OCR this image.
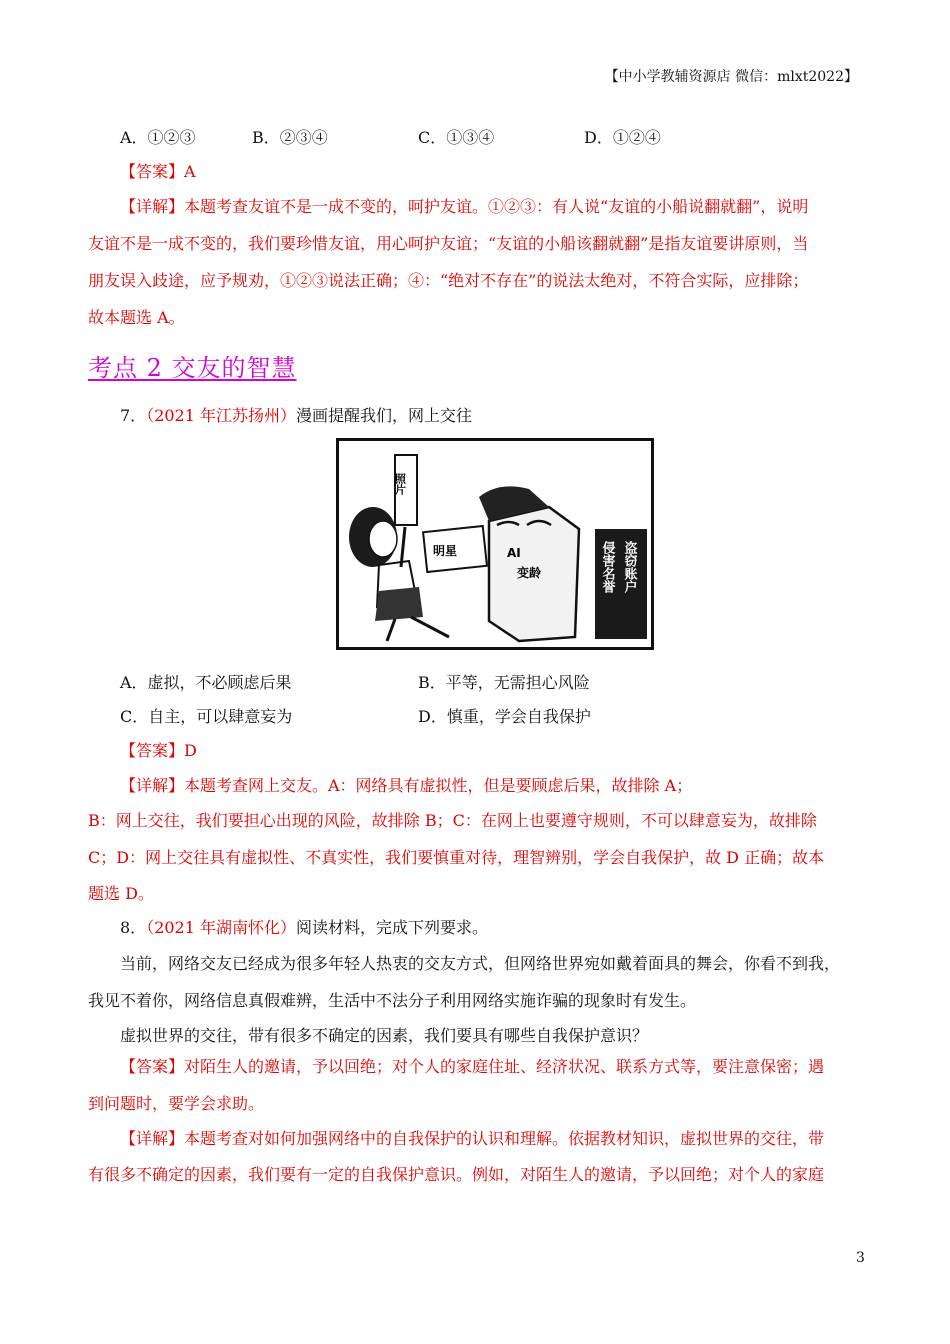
【中小学教辅资源店 微信：mlxt2022】
A．①②③	B．②③④	C．①③④	D．①②④
【答案】A
【详解】本题考查友谊不是一成不变的，呵护友谊。①②③：有人说“友谊的小船说翻就翻”，说明
友谊不是一成不变的，我们要珍惜友谊，用心呵护友谊；“友谊的小船该翻就翻”是指友谊要讲原则，当
朋友误入歧途，应予规劝，①②③说法正确；④：“绝对不存在”的说法太绝对，不符合实际，应排除；
故本题选 A。
考点 2 交友的智慧
7．（2021 年江苏扬州）漫画提醒我们，网上交往
照片
明星	AI
变龄	侵害名誉 盗窃账户
A．虚拟，不必顾虑后果	B．平等，无需担心风险
C．自主，可以肆意妄为	D．慎重，学会自我保护
【答案】D
【详解】本题考查网上交友。A：网络具有虚拟性，但是要顾虑后果，故排除 A；
B：网上交往，我们要担心出现的风险，故排除 B；C：在网上也要遵守规则，不可以肆意妄为，故排除
C；D：网上交往具有虚拟性、不真实性，我们要慎重对待，理智辨别，学会自我保护，故 D 正确；故本
题选 D。
8．（2021 年湖南怀化）阅读材料，完成下列要求。
当前，网络交友已经成为很多年轻人热衷的交友方式，但网络世界宛如戴着面具的舞会，你看不到我，
我见不着你，网络信息真假难辨，生活中不法分子利用网络实施诈骗的现象时有发生。
虚拟世界的交往，带有很多不确定的因素，我们要具有哪些自我保护意识？
【答案】对陌生人的邀请，予以回绝；对个人的家庭住址、经济状况、联系方式等，要注意保密；遇
到问题时，要学会求助。
【详解】本题考查对如何加强网络中的自我保护的认识和理解。依据教材知识，虚拟世界的交往，带
有很多不确定的因素，我们要有一定的自我保护意识。例如，对陌生人的邀请，予以回绝；对个人的家庭
3
